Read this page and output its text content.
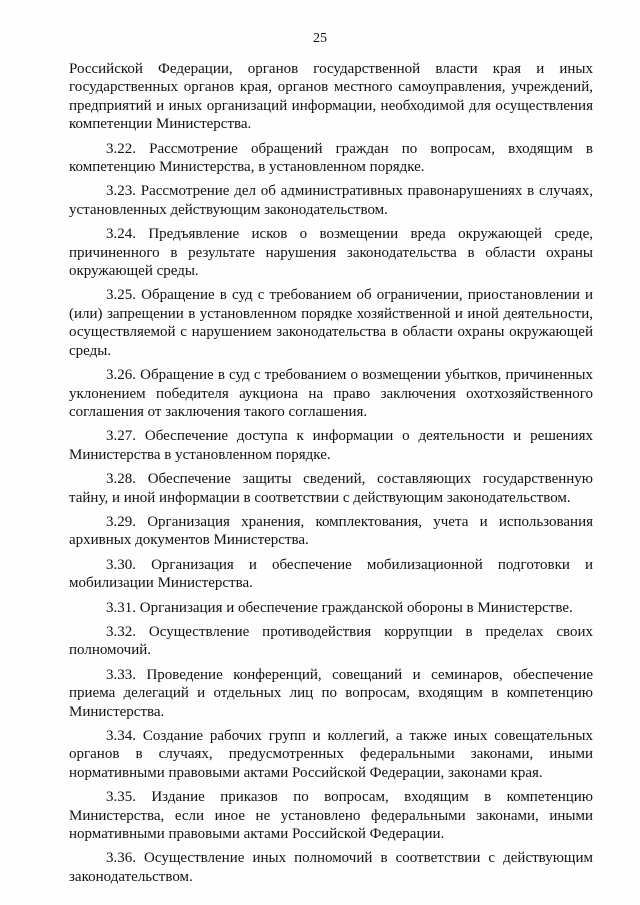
25

Российской Федерации, органов государственной власти края и иных государственных органов края, органов местного самоуправления, учреждений, предприятий и иных организаций информации, необходимой для осуществления компетенции Министерства.

3.22. Рассмотрение обращений граждан по вопросам, входящим в компетенцию Министерства, в установленном порядке.

3.23. Рассмотрение дел об административных правонарушениях в случаях, установленных действующим законодательством.

3.24. Предъявление исков о возмещении вреда окружающей среде, причиненного в результате нарушения законодательства в области охраны окружающей среды.

3.25. Обращение в суд с требованием об ограничении, приостановлении и (или) запрещении в установленном порядке хозяйственной и иной деятельности, осуществляемой с нарушением законодательства в области охраны окружающей среды.

3.26. Обращение в суд с требованием о возмещении убытков, причиненных уклонением победителя аукциона на право заключения охотхозяйственного соглашения от заключения такого соглашения.

3.27. Обеспечение доступа к информации о деятельности и решениях Министерства в установленном порядке.

3.28. Обеспечение защиты сведений, составляющих государственную тайну, и иной информации в соответствии с действующим законодательством.

3.29. Организация хранения, комплектования, учета и использования архивных документов Министерства.

3.30. Организация и обеспечение мобилизационной подготовки и мобилизации Министерства.

3.31. Организация и обеспечение гражданской обороны в Министерстве.

3.32. Осуществление противодействия коррупции в пределах своих полномочий.

3.33. Проведение конференций, совещаний и семинаров, обеспечение приема делегаций и отдельных лиц по вопросам, входящим в компетенцию Министерства.

3.34. Создание рабочих групп и коллегий, а также иных совещательных органов в случаях, предусмотренных федеральными законами, иными нормативными правовыми актами Российской Федерации, законами края.

3.35. Издание приказов по вопросам, входящим в компетенцию Министерства, если иное не установлено федеральными законами, иными нормативными правовыми актами Российской Федерации.

3.36. Осуществление иных полномочий в соответствии с действующим законодательством.
